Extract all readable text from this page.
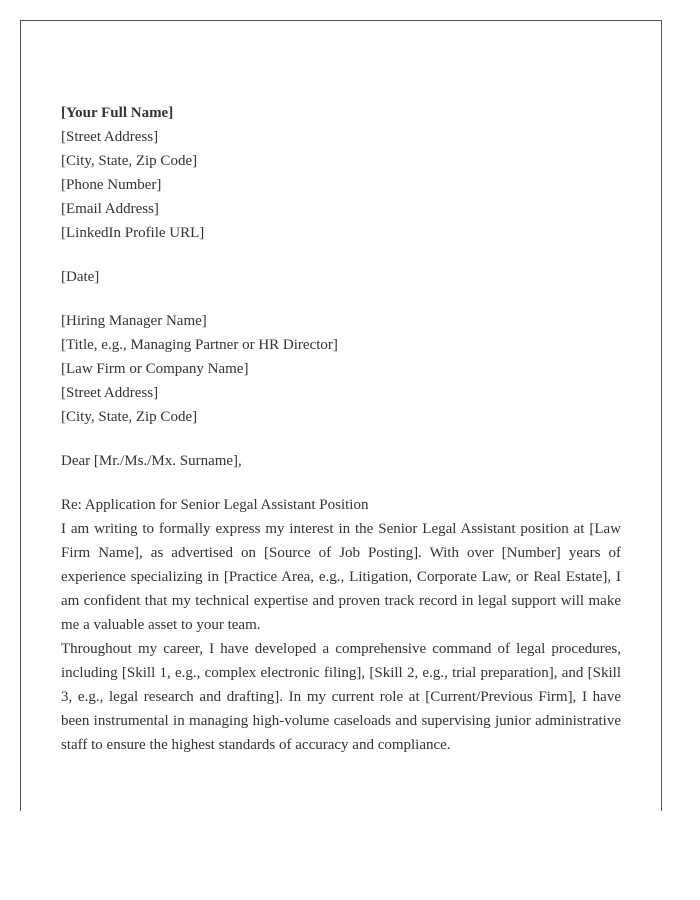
[Your Full Name]
[Street Address]
[City, State, Zip Code]
[Phone Number]
[Email Address]
[LinkedIn Profile URL]
[Date]
[Hiring Manager Name]
[Title, e.g., Managing Partner or HR Director]
[Law Firm or Company Name]
[Street Address]
[City, State, Zip Code]
Dear [Mr./Ms./Mx. Surname],
Re: Application for Senior Legal Assistant Position

I am writing to formally express my interest in the Senior Legal Assistant position at [Law Firm Name], as advertised on [Source of Job Posting]. With over [Number] years of experience specializing in [Practice Area, e.g., Litigation, Corporate Law, or Real Estate], I am confident that my technical expertise and proven track record in legal support will make me a valuable asset to your team.

Throughout my career, I have developed a comprehensive command of legal procedures, including [Skill 1, e.g., complex electronic filing], [Skill 2, e.g., trial preparation], and [Skill 3, e.g., legal research and drafting]. In my current role at [Current/Previous Firm], I have been instrumental in managing high-volume caseloads and supervising junior administrative staff to ensure the highest standards of accuracy and compliance.
